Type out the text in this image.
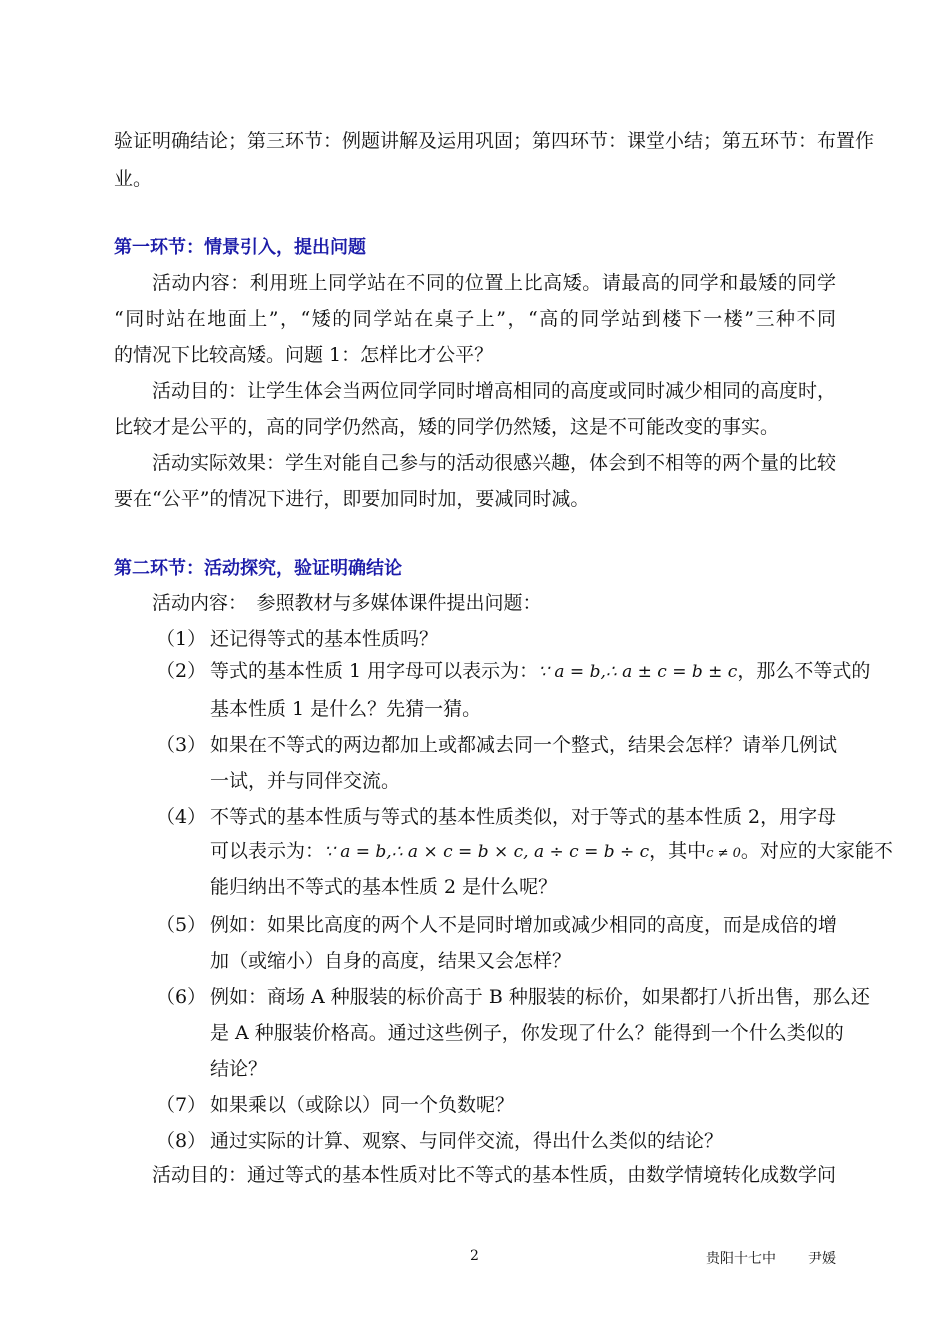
验证明确结论；第三环节：例题讲解及运用巩固；第四环节：课堂小结；第五环节：布置作
业。
第一环节：情景引入，提出问题
活动内容：利用班上同学站在不同的位置上比高矮。请最高的同学和最矮的同学
“同时站在地面上”，“矮的同学站在桌子上”，“高的同学站到楼下一楼”三种不同
的情况下比较高矮。问题 1：怎样比才公平？
活动目的：让学生体会当两位同学同时增高相同的高度或同时减少相同的高度时，
比较才是公平的，高的同学仍然高，矮的同学仍然矮，这是不可能改变的事实。
活动实际效果：学生对能自己参与的活动很感兴趣，体会到不相等的两个量的比较
要在“公平”的情况下进行，即要加同时加，要减同时减。
第二环节：活动探究，验证明确结论
活动内容：　参照教材与多媒体课件提出问题：
（1） 还记得等式的基本性质吗？
（2） 等式的基本性质 1 用字母可以表示为：∵ a = b,∴ a ± c = b ± c，那么不等式的
基本性质 1 是什么？先猜一猜。
（3） 如果在不等式的两边都加上或都减去同一个整式，结果会怎样？请举几例试
一试，并与同伴交流。
（4） 不等式的基本性质与等式的基本性质类似，对于等式的基本性质 2，用字母
可以表示为：∵ a = b,∴ a × c = b × c, a ÷ c = b ÷ c，其中c ≠ 0。对应的大家能不
能归纳出不等式的基本性质 2 是什么呢？
（5） 例如：如果比高度的两个人不是同时增加或减少相同的高度，而是成倍的增
加（或缩小）自身的高度，结果又会怎样？
（6） 例如：商场 A 种服装的标价高于 B 种服装的标价，如果都打八折出售，那么还
是 A 种服装价格高。通过这些例子，你发现了什么？能得到一个什么类似的
结论？
（7） 如果乘以（或除以）同一个负数呢？
（8） 通过实际的计算、观察、与同伴交流，得出什么类似的结论？
活动目的：通过等式的基本性质对比不等式的基本性质，由数学情境转化成数学问
2	贵阳十七中 尹媛
